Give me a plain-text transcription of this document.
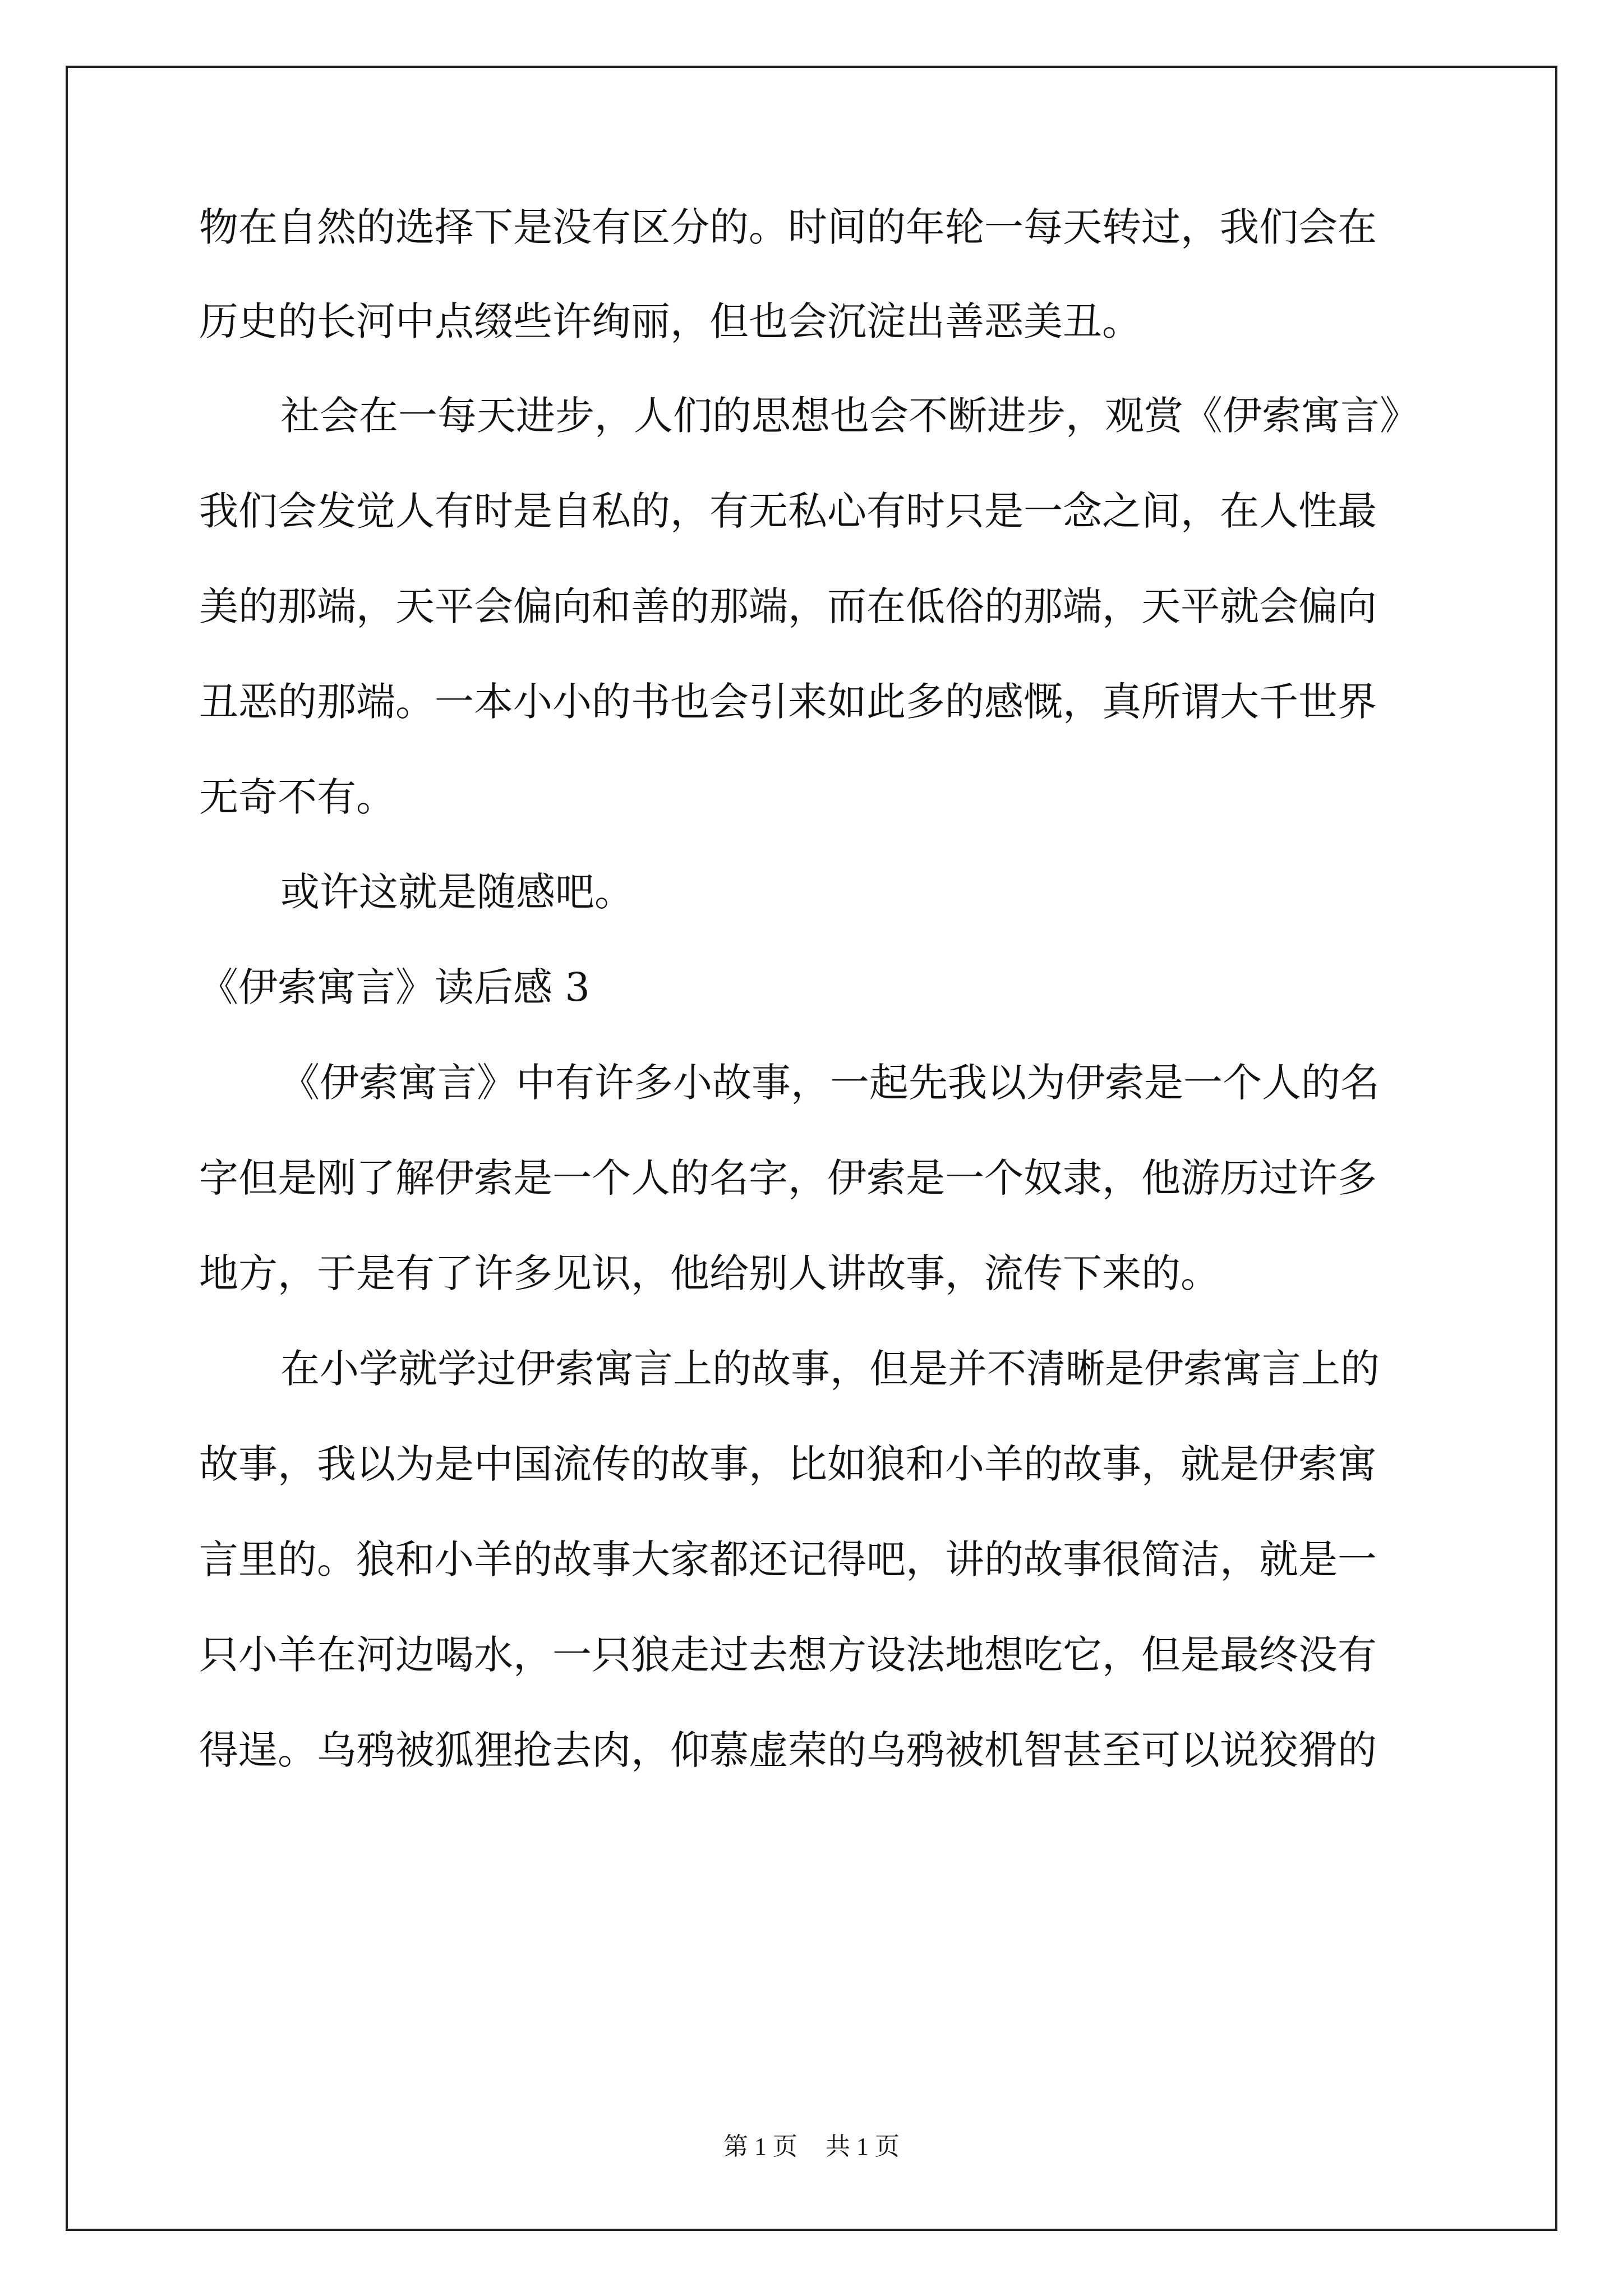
物在自然的选择下是没有区分的。时间的年轮一每天转过，我们会在
历史的长河中点缀些许绚丽，但也会沉淀出善恶美丑。
社会在一每天进步，人们的思想也会不断进步，观赏《伊索寓言》
我们会发觉人有时是自私的，有无私心有时只是一念之间，在人性最
美的那端，天平会偏向和善的那端，而在低俗的那端，天平就会偏向
丑恶的那端。一本小小的书也会引来如此多的感慨，真所谓大千世界
无奇不有。
或许这就是随感吧。
《伊索寓言》读后感 3
《伊索寓言》中有许多小故事，一起先我以为伊索是一个人的名
字但是刚了解伊索是一个人的名字，伊索是一个奴隶，他游历过许多
地方，于是有了许多见识，他给别人讲故事，流传下来的。
在小学就学过伊索寓言上的故事，但是并不清晰是伊索寓言上的
故事，我以为是中国流传的故事，比如狼和小羊的故事，就是伊索寓
言里的。狼和小羊的故事大家都还记得吧，讲的故事很简洁，就是一
只小羊在河边喝水，一只狼走过去想方设法地想吃它，但是最终没有
得逞。乌鸦被狐狸抢去肉，仰慕虚荣的乌鸦被机智甚至可以说狡猾的
第 1 页 共 1 页
